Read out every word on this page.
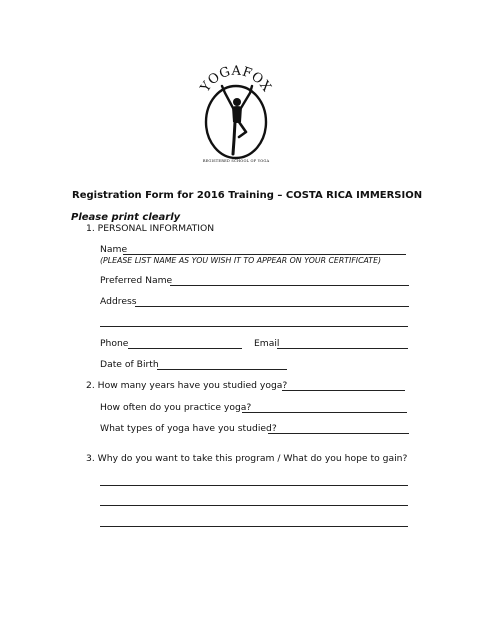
YOGAFOX
REGISTERED SCHOOL OF YOGA
Registration Form for 2016 Training – COSTA RICA IMMERSION
Please print clearly
1. PERSONAL INFORMATION
Name
(PLEASE LIST NAME AS YOU WISH IT TO APPEAR ON YOUR CERTIFICATE)
Preferred Name
Address
Phone	Email
Date of Birth
2. How many years have you studied yoga?
How often do you practice yoga?
What types of yoga have you studied?
3. Why do you want to take this program / What do you hope to gain?
